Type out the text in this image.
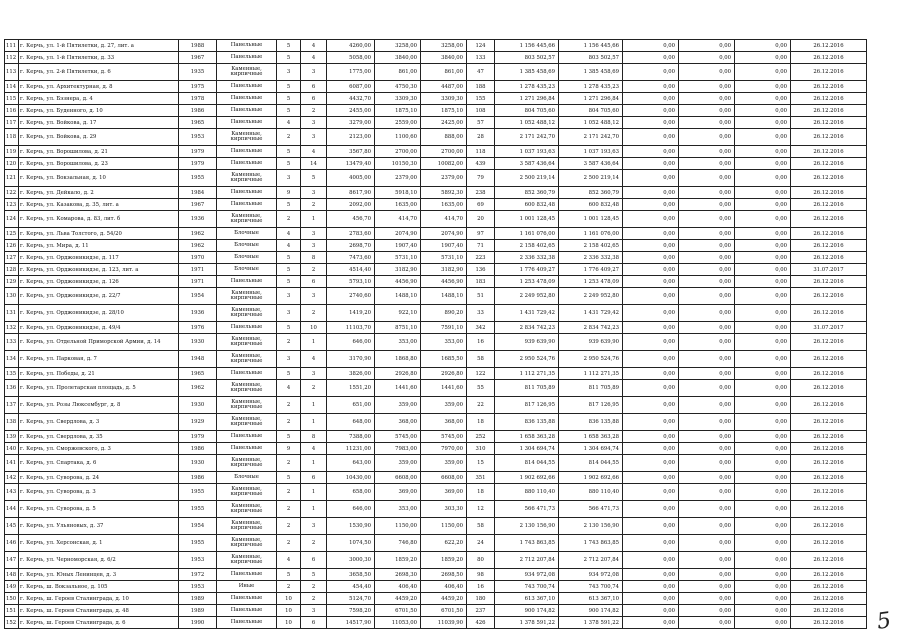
111	г. Керчь, ул. 1-й Пятилетки, д. 27, лит. а	1988	Панельные	5	4	4260,00	3258,00	3258,00	124	1 156 445,66	1 156 445,66	0,00	0,00	0,00	26.12.2016
112	г. Керчь, ул. 1-й Пятилетки, д. 33	1967	Панельные	5	4	5058,00	3840,00	3840,00	133	803 502,57	803 502,57	0,00	0,00	0,00	26.12.2016
113	г. Керчь, ул. 2-й Пятилетки, д. 6	1935	Каменные, кирпичные	3	3	1775,00	861,00	861,00	47	1 385 458,69	1 385 458,69	0,00	0,00	0,00	26.12.2016
114	г. Керчь, ул. Архитектурная, д. 8	1975	Панельные	5	6	6087,00	4750,30	4487,00	188	1 278 435,23	1 278 435,23	0,00	0,00	0,00	26.12.2016
115	г. Керчь, ул. Бэзнера, д. 4	1978	Панельные	5	6	4432,70	3309,30	3309,30	155	1 271 296,84	1 271 296,84	0,00	0,00	0,00	26.12.2016
116	г. Керчь, ул. Буденного, д. 10	1986	Панельные	5	2	2455,00	1875,10	1875,10	108	804 705,60	804 705,60	0,00	0,00	0,00	26.12.2016
117	г. Керчь, ул. Войкова, д. 17	1965	Панельные	4	3	3279,00	2559,00	2425,00	57	1 052 488,12	1 052 488,12	0,00	0,00	0,00	26.12.2016
118	г. Керчь, ул. Войкова, д. 29	1953	Каменные, кирпичные	2	3	2123,00	1100,60	888,00	28	2 171 242,70	2 171 242,70	0,00	0,00	0,00	26.12.2016
119	г. Керчь, ул. Ворошилова, д. 21	1979	Панельные	5	4	3567,80	2700,00	2700,00	118	1 037 193,63	1 037 193,63	0,00	0,00	0,00	26.12.2016
120	г. Керчь, ул. Ворошилова, д. 23	1979	Панельные	5	14	13479,40	10150,30	10082,00	439	3 587 436,64	3 587 436,64	0,00	0,00	0,00	26.12.2016
121	г. Керчь, ул. Вокзальная, д. 10	1955	Каменные, кирпичные	3	5	4005,00	2379,00	2379,00	79	2 500 219,14	2 500 219,14	0,00	0,00	0,00	26.12.2016
122	г. Керчь, ул. Дейкало, д. 2	1984	Панельные	9	3	8617,90	5918,10	5892,30	238	852 360,79	852 360,79	0,00	0,00	0,00	26.12.2016
123	г. Керчь, ул. Казакова, д. 35, лит. а	1967	Панельные	5	2	2092,00	1635,00	1635,00	69	600 832,48	600 832,48	0,00	0,00	0,00	26.12.2016
124	г. Керчь, ул. Комарова, д. 83, лит. б	1936	Каменные, кирпичные	2	1	456,70	414,70	414,70	20	1 001 128,45	1 001 128,45	0,00	0,00	0,00	26.12.2016
125	г. Керчь, ул. Льва Толстого, д. 54/20	1962	Блочные	4	3	2783,60	2074,90	2074,90	97	1 161 076,00	1 161 076,00	0,00	0,00	0,00	26.12.2016
126	г. Керчь, ул. Мира, д. 11	1962	Блочные	4	3	2698,70	1907,40	1907,40	71	2 158 402,65	2 158 402,65	0,00	0,00	0,00	26.12.2016
127	г. Керчь, ул. Орджоникидзе, д. 117	1970	Блочные	5	8	7473,60	5731,10	5731,10	223	2 336 332,38	2 336 332,38	0,00	0,00	0,00	26.12.2016
128	г. Керчь, ул. Орджоникидзе, д. 123, лит. а	1971	Блочные	5	2	4514,40	3182,90	3182,90	136	1 776 409,27	1 776 409,27	0,00	0,00	0,00	31.07.2017
129	г. Керчь, ул. Орджоникидзе, д. 126	1971	Панельные	5	6	5793,10	4456,90	4456,90	183	1 253 478,09	1 253 478,09	0,00	0,00	0,00	26.12.2016
130	г. Керчь, ул. Орджоникидзе, д. 22/7	1954	Каменные, кирпичные	3	3	2740,60	1488,10	1488,10	51	2 249 952,80	2 249 952,80	0,00	0,00	0,00	26.12.2016
131	г. Керчь, ул. Орджоникидзе, д. 28/10	1936	Каменные, кирпичные	3	2	1419,20	922,10	890,20	33	1 431 729,42	1 431 729,42	0,00	0,00	0,00	26.12.2016
132	г. Керчь, ул. Орджоникидзе, д. 49/4	1976	Панельные	5	10	11103,70	8751,10	7591,10	342	2 834 742,23	2 834 742,23	0,00	0,00	0,00	31.07.2017
133	г. Керчь, ул. Отдельной Приморской Армии, д. 14	1930	Каменные, кирпичные	2	1	646,00	353,00	353,00	16	939 639,90	939 639,90	0,00	0,00	0,00	26.12.2016
134	г. Керчь, ул. Парковая, д. 7	1948	Каменные, кирпичные	3	4	3170,90	1868,80	1685,50	58	2 950 524,76	2 950 524,76	0,00	0,00	0,00	26.12.2016
135	г. Керчь, ул. Победы, д. 21	1965	Панельные	5	3	3826,00	2926,80	2926,80	122	1 112 271,35	1 112 271,35	0,00	0,00	0,00	26.12.2016
136	г. Керчь, ул. Пролетарская площадь, д. 5	1962	Каменные, кирпичные	4	2	1551,20	1441,60	1441,60	55	811 705,89	811 705,89	0,00	0,00	0,00	26.12.2016
137	г. Керчь, ул. Розы Люксембург, д. 8	1930	Каменные, кирпичные	2	1	651,00	359,00	359,00	22	817 126,95	817 126,95	0,00	0,00	0,00	26.12.2016
138	г. Керчь, ул. Свердлова, д. 3	1929	Каменные, кирпичные	2	1	648,00	368,00	368,00	18	836 135,88	836 135,88	0,00	0,00	0,00	26.12.2016
139	г. Керчь, ул. Свердлова, д. 35	1979	Панельные	5	8	7388,00	5745,00	5745,00	252	1 658 363,28	1 658 363,28	0,00	0,00	0,00	26.12.2016
140	г. Керчь, ул. Сморжевского, д. 3	1986	Панельные	9	4	11231,00	7983,00	7970,00	310	1 304 694,74	1 304 694,74	0,00	0,00	0,00	26.12.2016
141	г. Керчь, ул. Спартака, д. 6	1930	Каменные, кирпичные	2	1	643,00	359,00	359,00	15	814 044,55	814 044,55	0,00	0,00	0,00	26.12.2016
142	г. Керчь, ул. Суворова, д. 24	1986	Блочные	5	6	10430,00	6608,00	6608,00	351	1 902 692,66	1 902 692,66	0,00	0,00	0,00	26.12.2016
143	г. Керчь, ул. Суворова, д. 3	1955	Каменные, кирпичные	2	1	658,00	369,00	369,00	18	880 110,40	880 110,40	0,00	0,00	0,00	26.12.2016
144	г. Керчь, ул. Суворова, д. 5	1955	Каменные, кирпичные	2	1	646,00	353,00	303,30	12	566 471,73	566 471,73	0,00	0,00	0,00	26.12.2016
145	г. Керчь, ул. Ульяновых, д. 37	1954	Каменные, кирпичные	2	3	1530,90	1150,00	1150,00	58	2 130 156,90	2 130 156,90	0,00	0,00	0,00	26.12.2016
146	г. Керчь, ул. Херсонская, д. 1	1955	Каменные, кирпичные	2	2	1074,50	746,80	622,20	24	1 743 863,85	1 743 863,85	0,00	0,00	0,00	26.12.2016
147	г. Керчь, ул. Черноморская, д. 6/2	1953	Каменные, кирпичные	4	6	3000,30	1859,20	1859,20	80	2 712 207,84	2 712 207,84	0,00	0,00	0,00	26.12.2016
148	г. Керчь, ул. Юных Ленинцев, д. 3	1972	Панельные	5	5	3658,50	2698,30	2698,50	98	934 972,08	934 972,08	0,00	0,00	0,00	26.12.2016
149	г. Керчь, ш. Вокзальное, д. 105	1953	Иные	2	2	454,40	406,40	406,40	16	743 700,74	743 700,74	0,00	0,00	0,00	26.12.2016
150	г. Керчь, ш. Героев Сталинграда, д. 10	1989	Панельные	10	2	5124,70	4459,20	4459,20	180	613 367,10	613 367,10	0,00	0,00	0,00	26.12.2016
151	г. Керчь, ш. Героев Сталинграда, д. 48	1989	Панельные	10	3	7598,20	6701,50	6701,50	237	900 174,82	900 174,82	0,00	0,00	0,00	26.12.2016
152	г. Керчь, ш. Героев Сталинграда, д. 6	1990	Панельные	10	6	14517,90	11053,00	11039,90	426	1 378 591,22	1 378 591,22	0,00	0,00	0,00	26.12.2016 5
